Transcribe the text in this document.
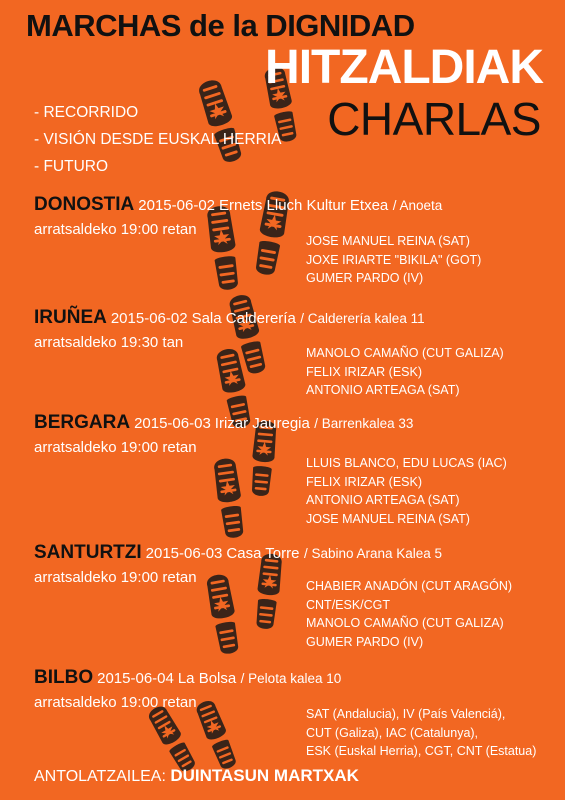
MARCHAS de la DIGNIDAD
HITZALDIAK
CHARLAS
- RECORRIDO
- VISIÓN DESDE EUSKAL HERRIA
- FUTURO
DONOSTIA 2015-06-02 Ernets Lluch Kultur Etxea / Anoeta
arratsaldeko 19:00 retan
JOSE MANUEL REINA (SAT)
JOXE IRIARTE "BIKILA" (GOT)
GUMER PARDO (IV)
IRUÑEA 2015-06-02 Sala Calderería / Calderería kalea 11
arratsaldeko 19:30 tan
MANOLO CAMAÑO (CUT GALIZA)
FELIX IRIZAR (ESK)
ANTONIO ARTEAGA (SAT)
BERGARA 2015-06-03 Irizar Jauregia / Barrenkalea 33
arratsaldeko 19:00 retan
LLUIS BLANCO, EDU LUCAS (IAC)
FELIX IRIZAR (ESK)
ANTONIO ARTEAGA (SAT)
JOSE MANUEL REINA (SAT)
SANTURTZI 2015-06-03 Casa Torre / Sabino Arana Kalea 5
arratsaldeko 19:00 retan	CHABIER ANADÓN (CUT ARAGÓN)
CNT/ESK/CGT
MANOLO CAMAÑO (CUT GALIZA)
GUMER PARDO (IV)
BILBO 2015-06-04 La Bolsa / Pelota kalea 10
arratsaldeko 19:00 retan
SAT (Andalucia), IV (País Valenciá),
CUT (Galiza), IAC (Catalunya),
ESK (Euskal Herria), CGT, CNT (Estatua)
ANTOLATZAILEA: DUINTASUN MARTXAK
